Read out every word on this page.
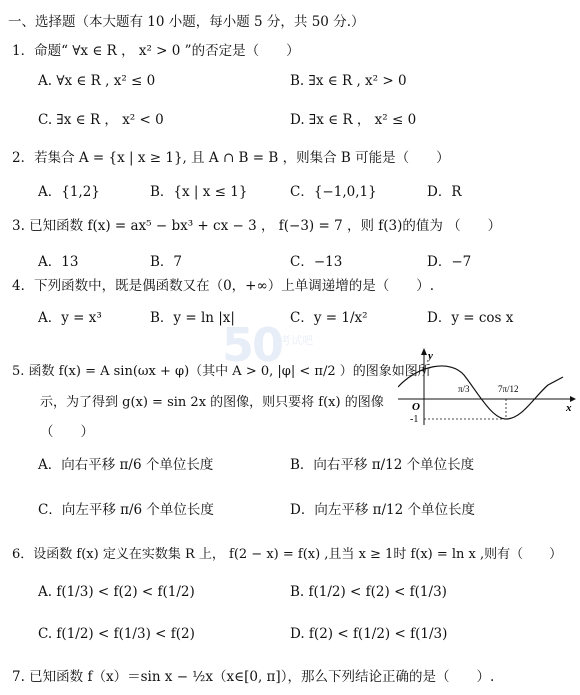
50
考试吧
一、选择题（本大题有 10 小题，每小题 5 分，共 50 分.）
1．命题“ ∀x ∈ R ， x² > 0 ”的否定是（　　）
A. ∀x ∈ R , x² ≤ 0	B. ∃x ∈ R , x² > 0
C. ∃x ∈ R ， x² < 0	D. ∃x ∈ R ， x² ≤ 0
2．若集合 A = {x | x ≥ 1}, 且 A ∩ B = B ，则集合 B 可能是（　　）
A．{1,2}	B．{x | x ≤ 1}	C．{−1,0,1}	D．R
3. 已知函数 f(x) = ax⁵ − bx³ + cx − 3 ， f(−3) = 7 ，则 f(3)的值为 （　　）
A．13	B．7	C．−13	D．−7
4．下列函数中，既是偶函数又在（0，+∞）上单调递增的是（　　）.
A．y = x³	B．y = ln |x|	C．y = 1/x²	D．y = cos x
5. 函数 f(x) = A sin(ωx + φ)（其中 A > 0, |φ| < π/2 ）的图象如图所
示，为了得到 g(x) = sin 2x 的图像，则只要将 f(x) 的图像
（　　）
A．向右平移 π/6 个单位长度	B．向右平移 π/12 个单位长度
C．向左平移 π/6 个单位长度	D．向左平移 π/12 个单位长度
y
x
O
-1
π/3	7π/12
6．设函数 f(x) 定义在实数集 R 上， f(2 − x) = f(x) ,且当 x ≥ 1时 f(x) = ln x ,则有（　　）
A. f(1/3) < f(2) < f(1/2)	B. f(1/2) < f(2) < f(1/3)
C. f(1/2) < f(1/3) < f(2)	D. f(2) < f(1/2) < f(1/3)
7. 已知函数 f（x）＝sin x − ½x（x∈[0, π]），那么下列结论正确的是（　　）.
